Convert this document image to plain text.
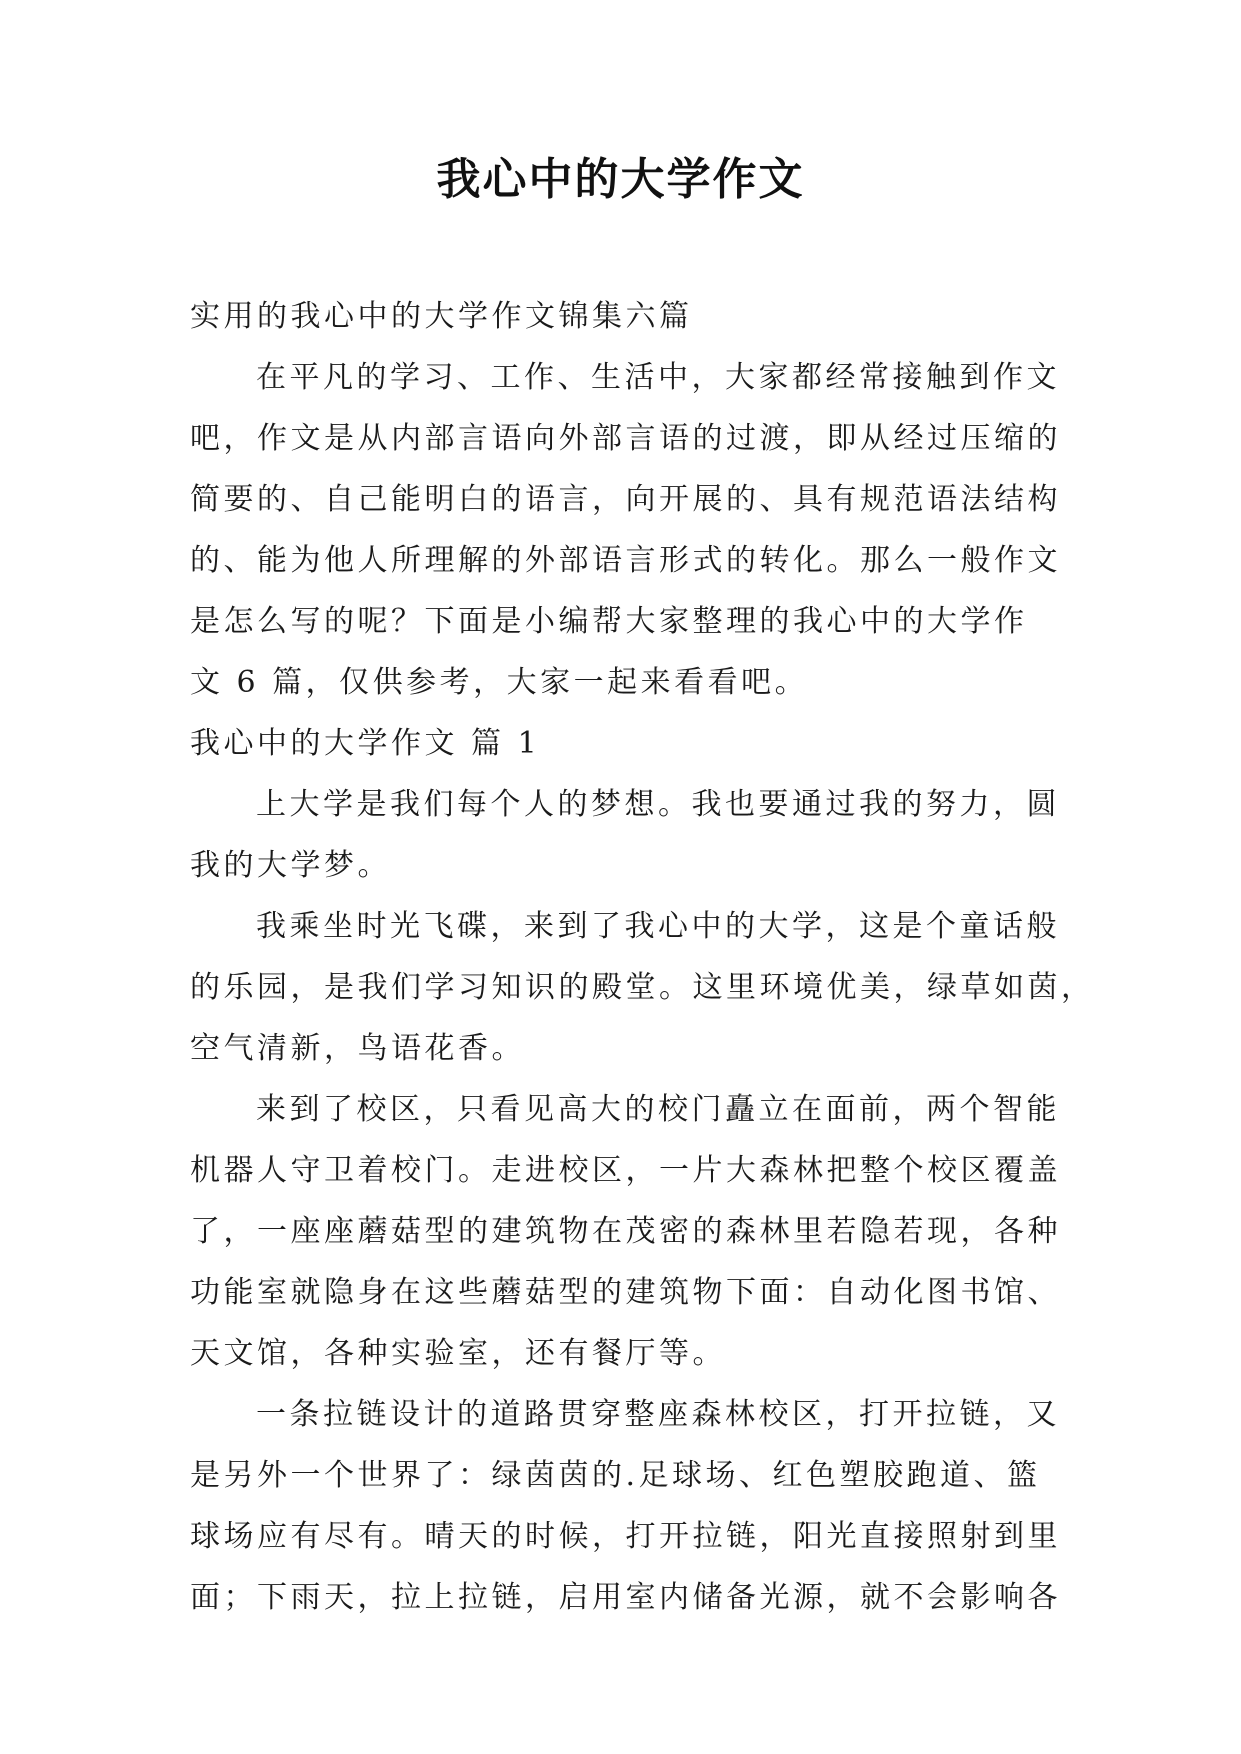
我心中的大学作文
实用的我心中的大学作文锦集六篇
在平凡的学习、工作、生活中，大家都经常接触到作文
吧，作文是从内部言语向外部言语的过渡，即从经过压缩的
简要的、自己能明白的语言，向开展的、具有规范语法结构
的、能为他人所理解的外部语言形式的转化。那么一般作文
是怎么写的呢？下面是小编帮大家整理的我心中的大学作
文 6 篇，仅供参考，大家一起来看看吧。
我心中的大学作文 篇 1
上大学是我们每个人的梦想。我也要通过我的努力，圆
我的大学梦。
我乘坐时光飞碟，来到了我心中的大学，这是个童话般
的乐园，是我们学习知识的殿堂。这里环境优美，绿草如茵，
空气清新，鸟语花香。
来到了校区，只看见高大的校门矗立在面前，两个智能
机器人守卫着校门。走进校区，一片大森林把整个校区覆盖
了，一座座蘑菇型的建筑物在茂密的森林里若隐若现，各种
功能室就隐身在这些蘑菇型的建筑物下面：自动化图书馆、
天文馆，各种实验室，还有餐厅等。
一条拉链设计的道路贯穿整座森林校区，打开拉链，又
是另外一个世界了：绿茵茵的.足球场、红色塑胶跑道、篮
球场应有尽有。晴天的时候，打开拉链，阳光直接照射到里
面；下雨天，拉上拉链，启用室内储备光源，就不会影响各
